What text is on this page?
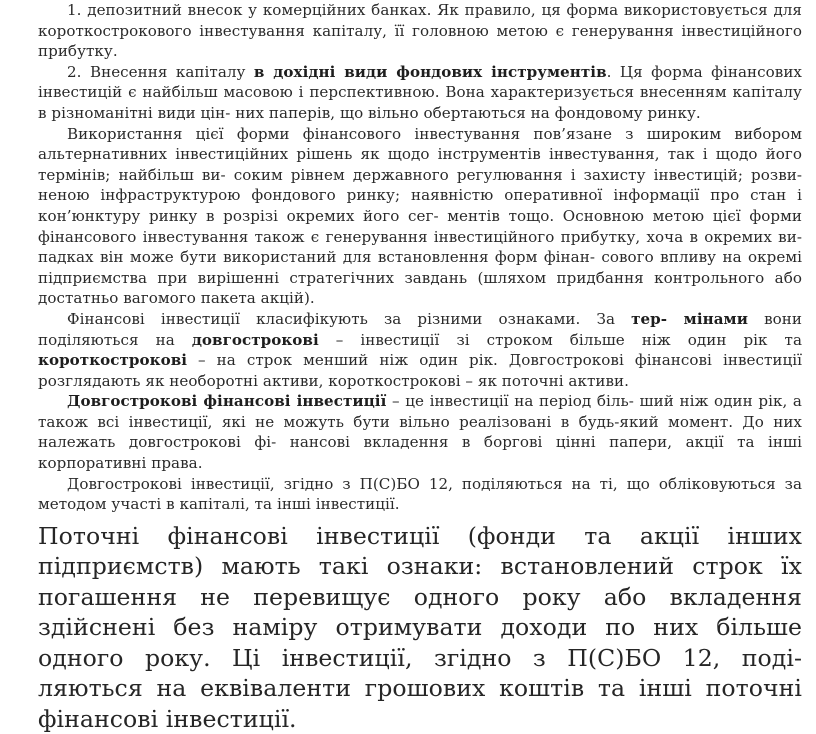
1. депозитний внесок у комерційних банках. Як правило, ця форма використовується для короткострокового інвестування капіталу, її головною метою є генерування інвестиційного прибутку.

2. Внесення капіталу в дохідні види фондових інструментів. Ця форма фінансових інвестицій є найбільш масовою і перспективною. Вона характеризується внесенням капіталу в різноманітні види цін- них паперів, що вільно обертаються на фондовому ринку.

Використання цієї форми фінансового інвестування пов’язане з широким вибором альтернативних інвестиційних рішень як щодо інструментів інвестування, так і щодо його термінів; найбільш ви- соким рівнем державного регулювання і захисту інвестицій; розви- неною інфраструктурою фондового ринку; наявністю оперативної інформації про стан і кон’юнктуру ринку в розрізі окремих його сег- ментів тощо. Основною метою цієї форми фінансового інвестування також є генерування інвестиційного прибутку, хоча в окремих ви- падках він може бути використаний для встановлення форм фінан- сового впливу на окремі підприємства при вирішенні стратегічних завдань (шляхом придбання контрольного або достатньо вагомого пакета акцій).

Фінансові інвестиції класифікують за різними ознаками. За тер- мінами вони поділяються на довгострокові – інвестиції зі строком більше ніж один рік та короткострокові – на строк менший ніж один рік. Довгострокові фінансові інвестиції розглядають як необоротні активи, короткострокові – як поточні активи.

Довгострокові фінансові інвестиції – це інвестиції на період біль- ший ніж один рік, а також всі інвестиції, які не можуть бути вільно реалізовані в будь-який момент. До них належать довгострокові фі- нансові вкладення в боргові цінні папери, акції та інші корпоративні права.

Довгострокові інвестиції, згідно з П(С)БО 12, поділяються на ті, що обліковуються за методом участі в капіталі, та інші інвестиції.

Поточні фінансові інвестиції (фонди та акції інших підприємств) мають такі ознаки: встановлений строк їх погашення не перевищує одного року або вкладення здійснені без наміру отримувати доходи по них більше одного року. Ці інвестиції, згідно з П(С)БО 12, поді- ляються на еквіваленти грошових коштів та інші поточні фінансові інвестиції.
